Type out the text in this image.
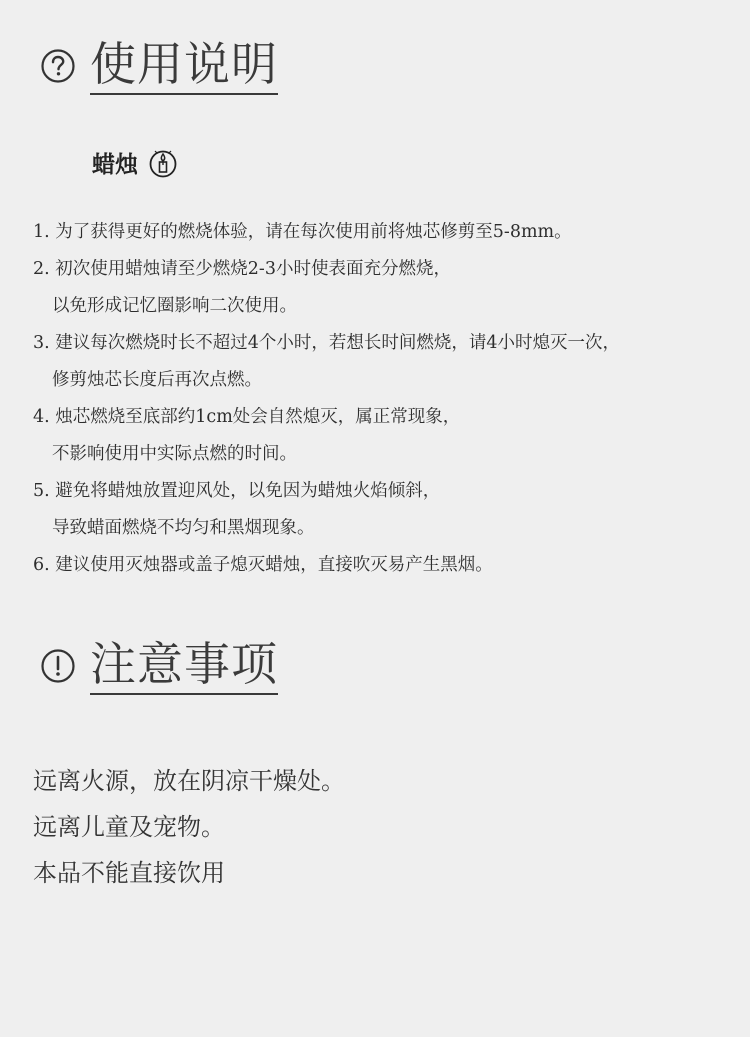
使用说明
蜡烛
1. 为了获得更好的燃烧体验，请在每次使用前将烛芯修剪至5-8mm。
2. 初次使用蜡烛请至少燃烧2-3小时使表面充分燃烧，
以免形成记忆圈影响二次使用。
3. 建议每次燃烧时长不超过4个小时，若想长时间燃烧，请4小时熄灭一次，
修剪烛芯长度后再次点燃。
4. 烛芯燃烧至底部约1cm处会自然熄灭，属正常现象，
不影响使用中实际点燃的时间。
5. 避免将蜡烛放置迎风处，以免因为蜡烛火焰倾斜，
导致蜡面燃烧不均匀和黑烟现象。
6. 建议使用灭烛器或盖子熄灭蜡烛，直接吹灭易产生黑烟。
注意事项
远离火源，放在阴凉干燥处。
远离儿童及宠物。
本品不能直接饮用
